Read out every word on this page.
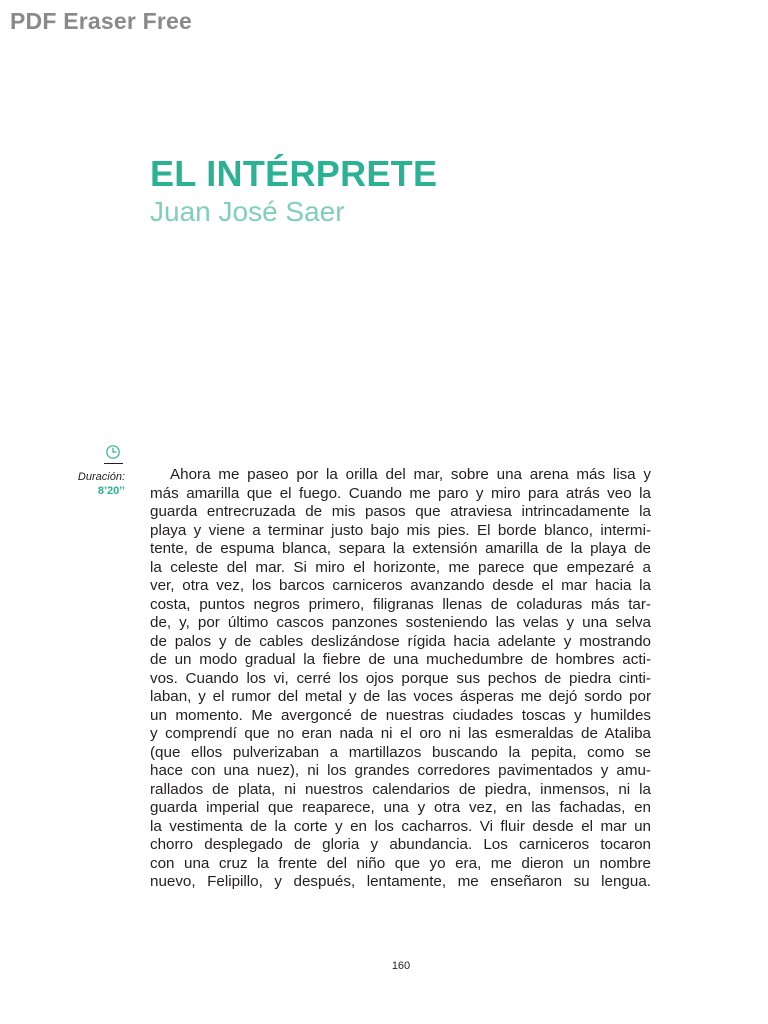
PDF Eraser Free
EL INTÉRPRETE
Juan José Saer
Duración:
8’20’’
Ahora me paseo por la orilla del mar, sobre una arena más lisa y
más amarilla que el fuego. Cuando me paro y miro para atrás veo la
guarda entrecruzada de mis pasos que atraviesa intrincadamente la
playa y viene a terminar justo bajo mis pies. El borde blanco, intermi-
tente, de espuma blanca, separa la extensión amarilla de la playa de
la celeste del mar. Si miro el horizonte, me parece que empezaré a
ver, otra vez, los barcos carniceros avanzando desde el mar hacia la
costa, puntos negros primero, filigranas llenas de coladuras más tar-
de, y, por último cascos panzones sosteniendo las velas y una selva
de palos y de cables deslizándose rígida hacia adelante y mostrando
de un modo gradual la fiebre de una muchedumbre de hombres acti-
vos. Cuando los vi, cerré los ojos porque sus pechos de piedra cinti-
laban, y el rumor del metal y de las voces ásperas me dejó sordo por
un momento. Me avergoncé de nuestras ciudades toscas y humildes
y comprendí que no eran nada ni el oro ni las esmeraldas de Ataliba
(que ellos pulverizaban a martillazos buscando la pepita, como se
hace con una nuez), ni los grandes corredores pavimentados y amu-
rallados de plata, ni nuestros calendarios de piedra, inmensos, ni la
guarda imperial que reaparece, una y otra vez, en las fachadas, en
la vestimenta de la corte y en los cacharros. Vi fluir desde el mar un
chorro desplegado de gloria y abundancia. Los carniceros tocaron
con una cruz la frente del niño que yo era, me dieron un nombre
nuevo, Felipillo, y después, lentamente, me enseñaron su lengua.
160
